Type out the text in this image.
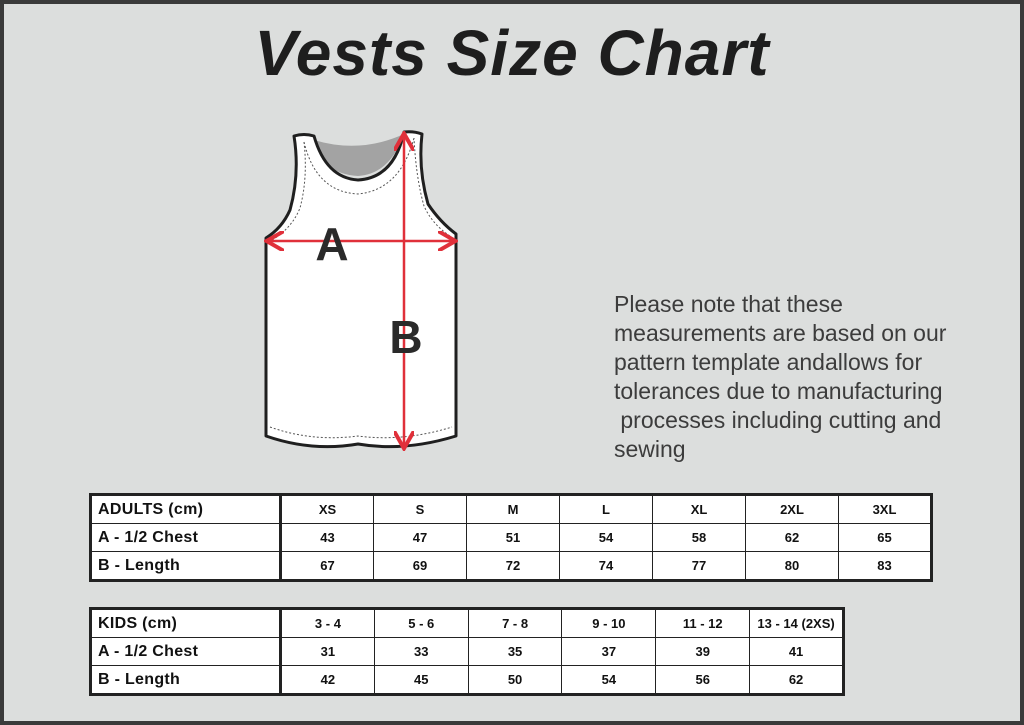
Vests Size Chart
A
B
Please note that these
measurements are based on our
pattern template andallows for
tolerances due to manufacturing
processes including cutting and
sewing
ADULTS (cm)	XS	S	M	L	XL	2XL	3XL
A - 1/2 Chest	43	47	51	54	58	62	65
B - Length	67	69	72	74	77	80	83
KIDS (cm)	3 - 4	5 - 6	7 - 8	9 - 10	11 - 12	13 - 14 (2XS)
A - 1/2 Chest	31	33	35	37	39	41
B - Length	42	45	50	54	56	62
